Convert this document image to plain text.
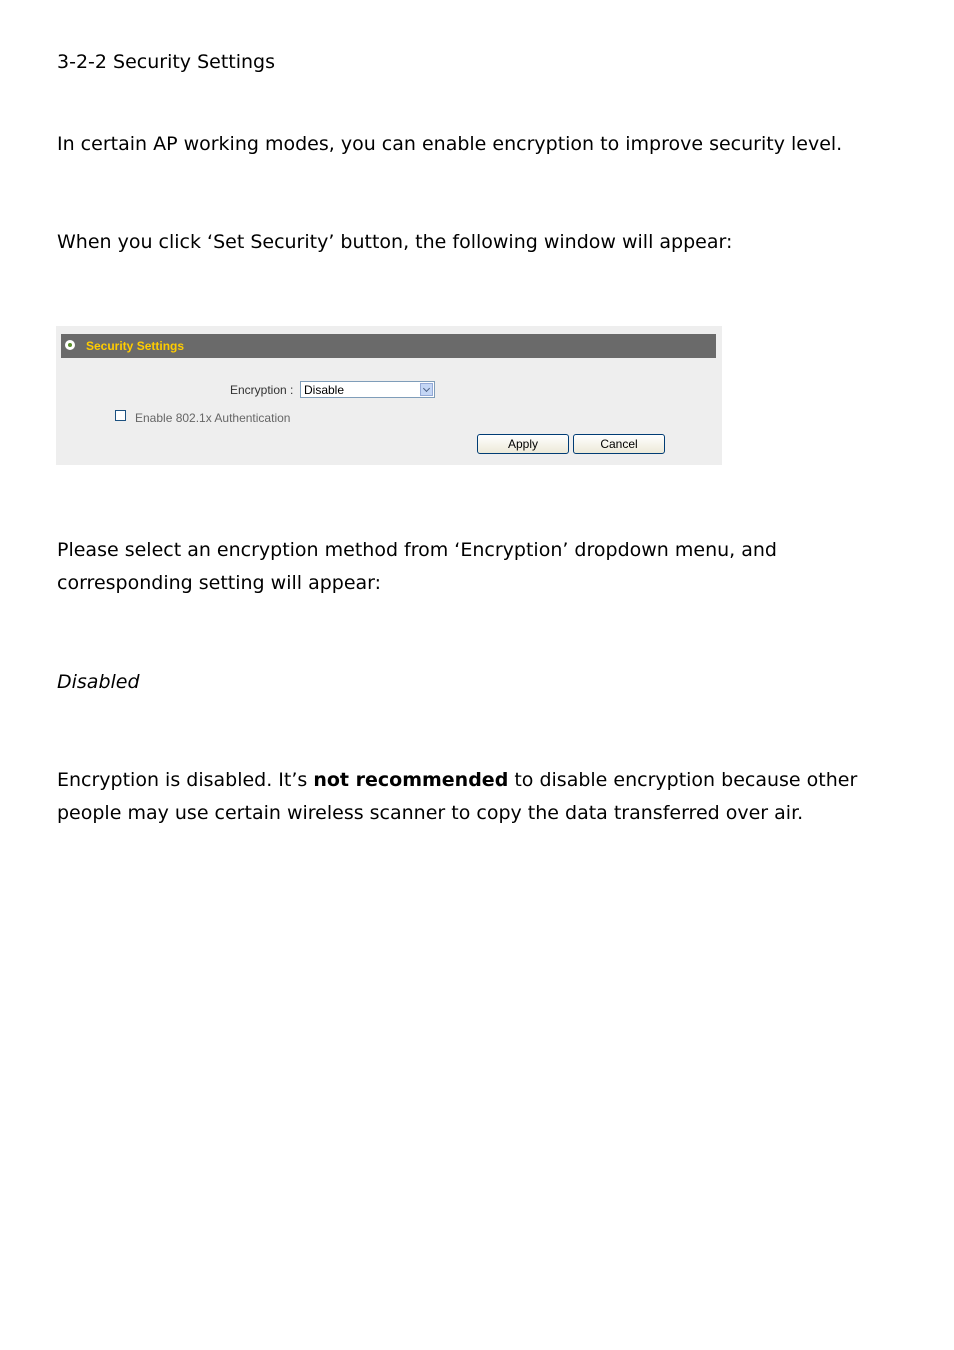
3-2-2 Security Settings

In certain AP working modes, you can enable encryption to improve security level.

When you click ‘Set Security’ button, the following window will appear:

Security Settings
Encryption : Disable
Enable 802.1x Authentication
Apply	Cancel

Please select an encryption method from ‘Encryption’ dropdown menu, and corresponding setting will appear:

Disabled

Encryption is disabled. It’s not recommended to disable encryption because other people may use certain wireless scanner to copy the data transferred over air.
